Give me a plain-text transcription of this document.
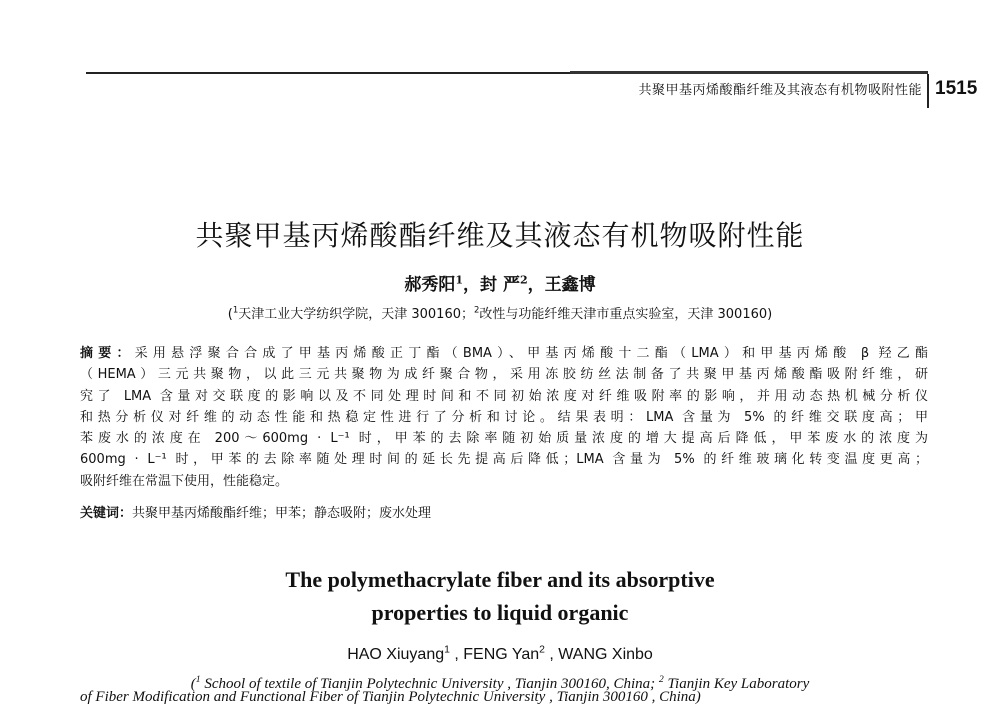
共聚甲基丙烯酸酯纤维及其液态有机物吸附性能 1515
共聚甲基丙烯酸酯纤维及其液态有机物吸附性能
郝秀阳$^1$，封 严$^2$，王鑫博
($^1$天津工业大学纺织学院，天津 300160；$^2$改性与功能纤维天津市重点实验室，天津 300160)
摘要：采用悬浮聚合合成了甲基丙烯酸正丁酯（BMA）、甲基丙烯酸十二酯（LMA）和甲基丙烯酸 β 羟乙酯
（HEMA）三元共聚物，以此三元共聚物为成纤聚合物，采用冻胶纺丝法制备了共聚甲基丙烯酸酯吸附纤维，研
究了 LMA 含量对交联度的影响以及不同处理时间和不同初始浓度对纤维吸附率的影响，并用动态热机械分析仪
和热分析仪对纤维的动态性能和热稳定性进行了分析和讨论。结果表明：LMA 含量为 5% 的纤维交联度高；甲
苯废水的浓度在 200～600mg · L⁻¹ 时，甲苯的去除率随初始质量浓度的增大提高后降低，甲苯废水的浓度为
600mg · L⁻¹ 时，甲苯的去除率随处理时间的延长先提高后降低；LMA 含量为 5% 的纤维玻璃化转变温度更高；
吸附纤维在常温下使用，性能稳定。
关键词：共聚甲基丙烯酸酯纤维；甲苯；静态吸附；废水处理
The polymethacrylate fiber and its absorptive
properties to liquid organic
HAO Xiuyang$^1$ , FENG Yan$^2$ , WANG Xinbo
($^1$ School of textile of Tianjin Polytechnic University , Tianjin 300160, China; $^2$ Tianjin Key Laboratory
of Fiber Modification and Functional Fiber of Tianjin Polytechnic University , Tianjin 300160 , China)
